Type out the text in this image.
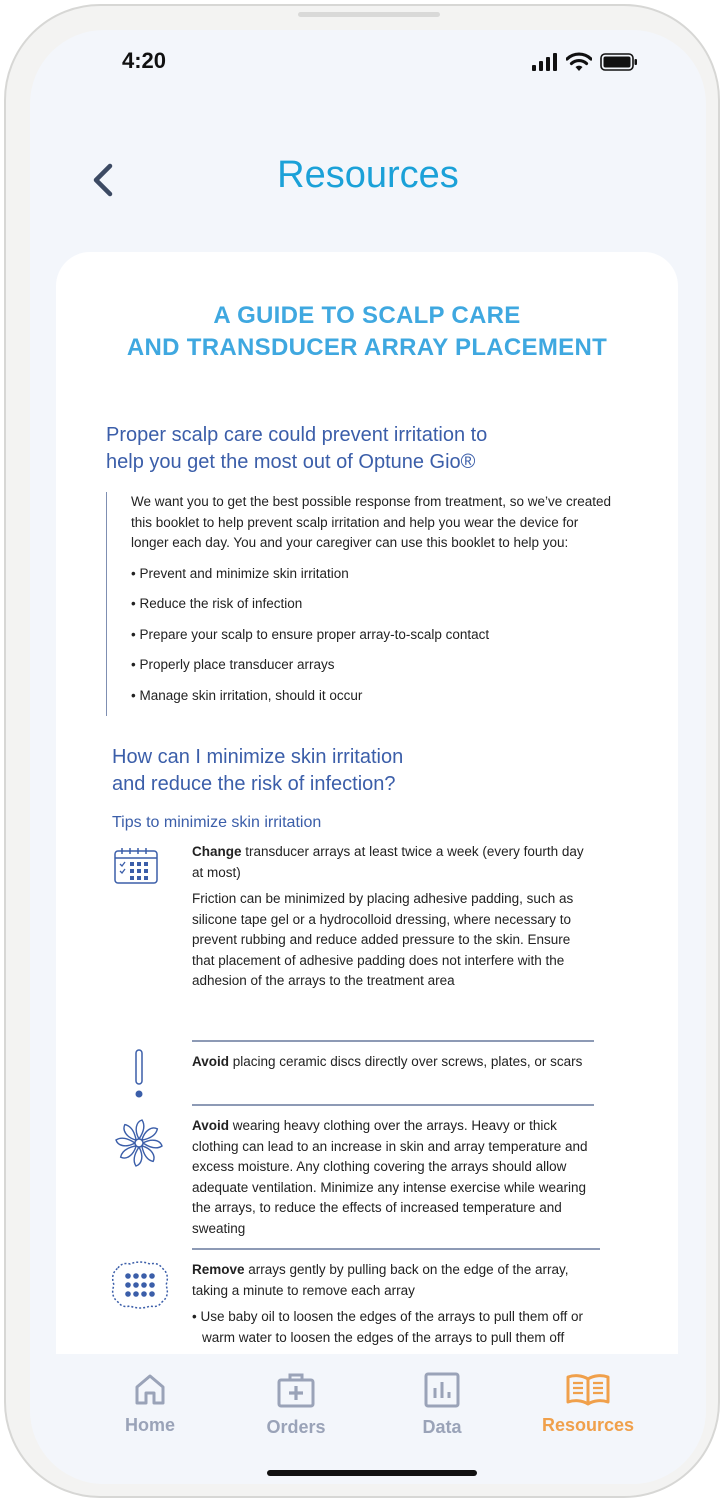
4:20
Resources
A GUIDE TO SCALP CARE
AND TRANSDUCER ARRAY PLACEMENT
Proper scalp care could prevent irritation to
help you get the most out of Optune Gio®

We want you to get the best possible response from treatment, so we’ve created this booklet to help prevent scalp irritation and help you wear the device for longer each day. You and your caregiver can use this booklet to help you:

• Prevent and minimize skin irritation

• Reduce the risk of infection

• Prepare your scalp to ensure proper array-to-scalp contact

• Properly place transducer arrays

• Manage skin irritation, should it occur

How can I minimize skin irritation
and reduce the risk of infection?
Tips to minimize skin irritation

Change transducer arrays at least twice a week (every fourth day at most)

Friction can be minimized by placing adhesive padding, such as silicone tape gel or a hydrocolloid dressing, where necessary to prevent rubbing and reduce added pressure to the skin. Ensure that placement of adhesive padding does not interfere with the adhesion of the arrays to the treatment area

Avoid placing ceramic discs directly over screws, plates, or scars

Avoid wearing heavy clothing over the arrays. Heavy or thick clothing can lead to an increase in skin and array temperature and excess moisture. Any clothing covering the arrays should allow adequate ventilation. Minimize any intense exercise while wearing the arrays, to reduce the effects of increased temperature and sweating

Remove arrays gently by pulling back on the edge of the array, taking a minute to remove each array

• Use baby oil to loosen the edges of the arrays to pull them off or warm water to loosen the edges of the arrays to pull them off
Home	Orders	Data	Resources
